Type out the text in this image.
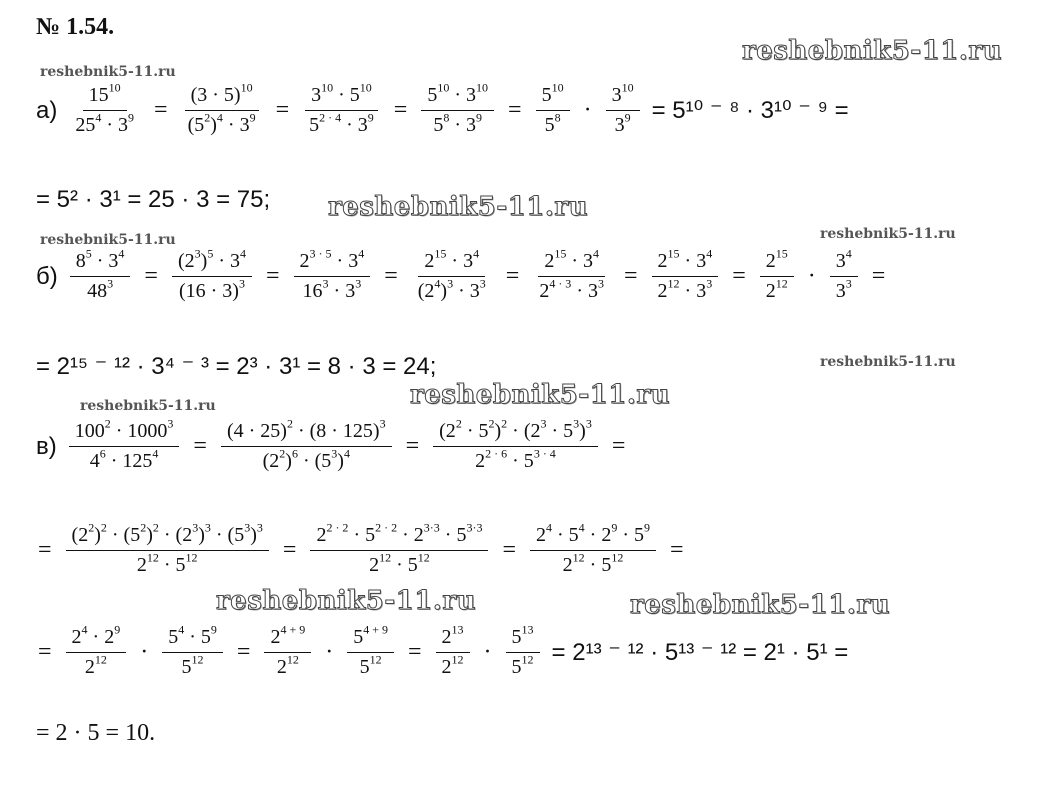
№ 1.54.
reshebnik5-11.ru
reshebnik5-11.ru
reshebnik5-11.ru
reshebnik5-11.ru	reshebnik5-11.ru
reshebnik5-11.ru
reshebnik5-11.ru
reshebnik5-11.ru
reshebnik5-11.ru	reshebnik5-11.ru
$а) \frac{15^{10}}{25^4 \cdot 3^9} = \frac{(3 \cdot 5)^{10}}{(5^2)^4 \cdot 3^9} = \frac{3^{10} \cdot 5^{10}}{5^{2 \cdot 4} \cdot 3^9} = \frac{5^{10} \cdot 3^{10}}{5^8 \cdot 3^9} = \frac{5^{10}}{5^8} \cdot \frac{3^{10}}{3^9} = 5^{10}$ ⁻ ⁸ · 3¹⁰ ⁻ ⁹ =
= 5² · 3¹ = 25 · 3 = 75;
$б) \frac{8^5 \cdot 3^4}{48^3} = \frac{(2^3)^5 \cdot 3^4}{(16 \cdot 3)^3} = \frac{2^{3 \cdot 5} \cdot 3^4}{16^3 \cdot 3^3} = \frac{2^{15} \cdot 3^4}{(2^4)^3 \cdot 3^3} = \frac{2^{15} \cdot 3^4}{2^{4 \cdot 3} \cdot 3^3} = \frac{2^{15} \cdot 3^4}{2^{12} \cdot 3^3} = \frac{2^{15}}{2^{12}} \cdot \frac{3^4}{3^3}$ =
= 2¹⁵ ⁻ ¹² · 3⁴ ⁻ ³ = 2³ · 3¹ = 8 · 3 = 24;
$в) \frac{100^2 \cdot 1000^3}{4^6 \cdot 125^4} = \frac{(4 \cdot 25)^2 \cdot (8 \cdot 125)^3}{(2^2)^6 \cdot (5^3)^4} = \frac{(2^2 \cdot 5^2)^2 \cdot (2^3 \cdot 5^3)^3}{2^{2 \cdot 6} \cdot 5^{3 \cdot 4}}$ =
= $\frac{(2^2)^2 \cdot (5^2)^2 \cdot (2^3)^3 \cdot (5^3)^3}{2^{12} \cdot 5^{12}} = \frac{2^{2 \cdot 2} \cdot 5^{2 \cdot 2} \cdot 2^{3\cdot 3} \cdot 5^{3\cdot 3}}{2^{12} \cdot 5^{12}} = \frac{2^4 \cdot 5^4 \cdot 2^9 \cdot 5^9}{2^{12} \cdot 5^{12}}$ =
= $\frac{2^4 \cdot 2^9}{2^{12}} \cdot \frac{5^4 \cdot 5^9}{5^{12}} = \frac{2^{4 + 9}}{2^{12}} \cdot \frac{5^{4 + 9}}{5^{12}} = \frac{2^{13}}{2^{12}} \cdot \frac{5^{13}}{5^{12}} = 2^{13}$ ⁻ ¹² · 5¹³ ⁻ ¹² = 2¹ · 5¹ =
= 2 · 5 = 10.
